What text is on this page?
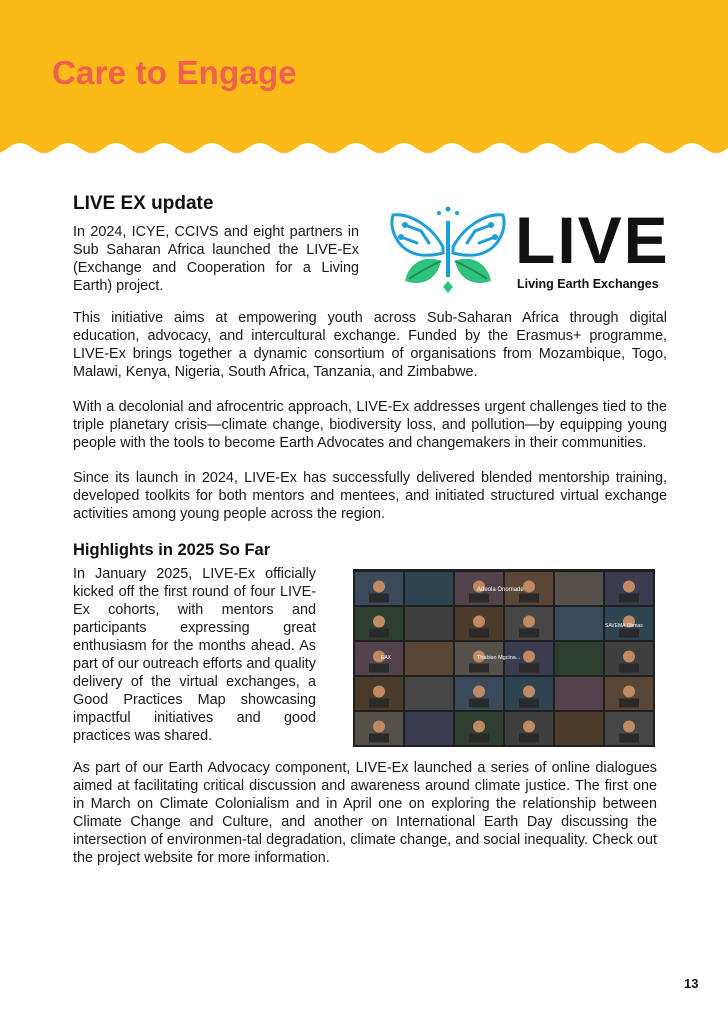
Care to Engage
LIVE EX update

In 2024, ICYE, CCIVS and eight partners in Sub Saharan Africa launched the LIVE-Ex (Exchange and Cooperation for a Living Earth) project.

LIVE
Living Earth Exchanges

This initiative aims at empowering youth across Sub-Saharan Africa through digital education, advocacy, and intercultural exchange. Funded by the Erasmus+ programme, LIVE-Ex brings together a dynamic consortium of organisations from Mozambique, Togo, Malawi, Kenya, Nigeria, South Africa, Tanzania, and Zimbabwe.

With a decolonial and afrocentric approach, LIVE-Ex addresses urgent challenges tied to the triple planetary crisis—climate change, biodiversity loss, and pollution—by equipping young people with the tools to become Earth Advocates and changemakers in their communities.

Since its launch in 2024, LIVE-Ex has successfully delivered blended mentorship training, developed toolkits for both mentors and mentees, and initiated structured virtual exchange activities among young people across the region.

Highlights in 2025 So Far

In January 2025, LIVE-Ex officially kicked off the first round of four LIVE-Ex cohorts, with mentors and participants expressing great enthusiasm for the months ahead. As part of our outreach efforts and quality delivery of the virtual exchanges, a Good Practices Map showcasing impactful initiatives and good practices was shared.

Adeola Onomade
SAVEMA Obmas
EAX	Thabiso Mgcina...

As part of our Earth Advocacy component, LIVE-Ex launched a series of online dialogues aimed at facilitating critical discussion and awareness around climate justice. The first one in March on Climate Colonialism and in April one on exploring the relationship between Climate Change and Culture, and another on International Earth Day discussing the intersection of environmen-tal degradation, climate change, and social inequality. Check out the project website for more information.

13
